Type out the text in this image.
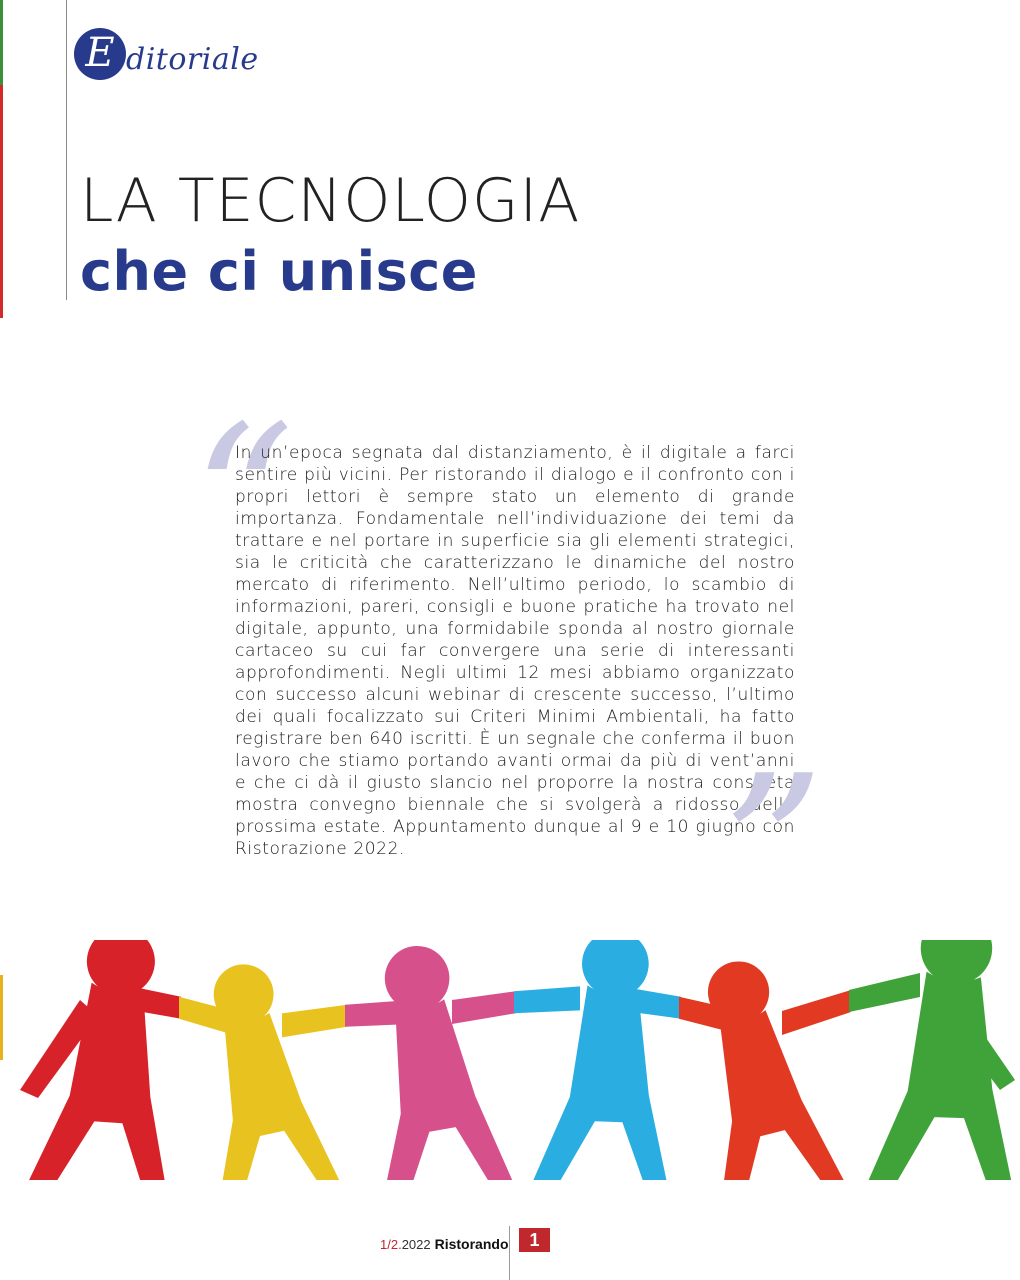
E ditoriale
LA TECNOLOGIA
che ci unisce
“
In un’epoca segnata dal distanziamento, è il digitale a farci sentire più vicini. Per ristorando il dialogo e il confronto con i propri lettori è sempre stato un elemento di grande importanza. Fondamentale nell’individuazione dei temi da trattare e nel portare in superficie sia gli elementi strategici, sia le criticità che caratterizzano le dinamiche del nostro mercato di riferimento. Nell’ultimo periodo, lo scambio di informazioni, pareri, consigli e buone pratiche ha trovato nel digitale, appunto, una formidabile sponda al nostro giornale cartaceo su cui far convergere una serie di interessanti approfondimenti. Negli ultimi 12 mesi abbiamo organizzato con successo alcuni webinar di crescente successo, l’ultimo dei quali focalizzato sui Criteri Minimi Ambientali, ha fatto registrare ben 640 iscritti. È un segnale che conferma il buon lavoro che stiamo portando avanti ormai da più di vent’anni e che ci dà il giusto slancio nel proporre la nostra consueta mostra convegno biennale che si svolgerà a ridosso della prossima estate. Appuntamento dunque al 9 e 10 giugno con Ristorazione 2022.	”
1/2. 2022 Ristorando	1
